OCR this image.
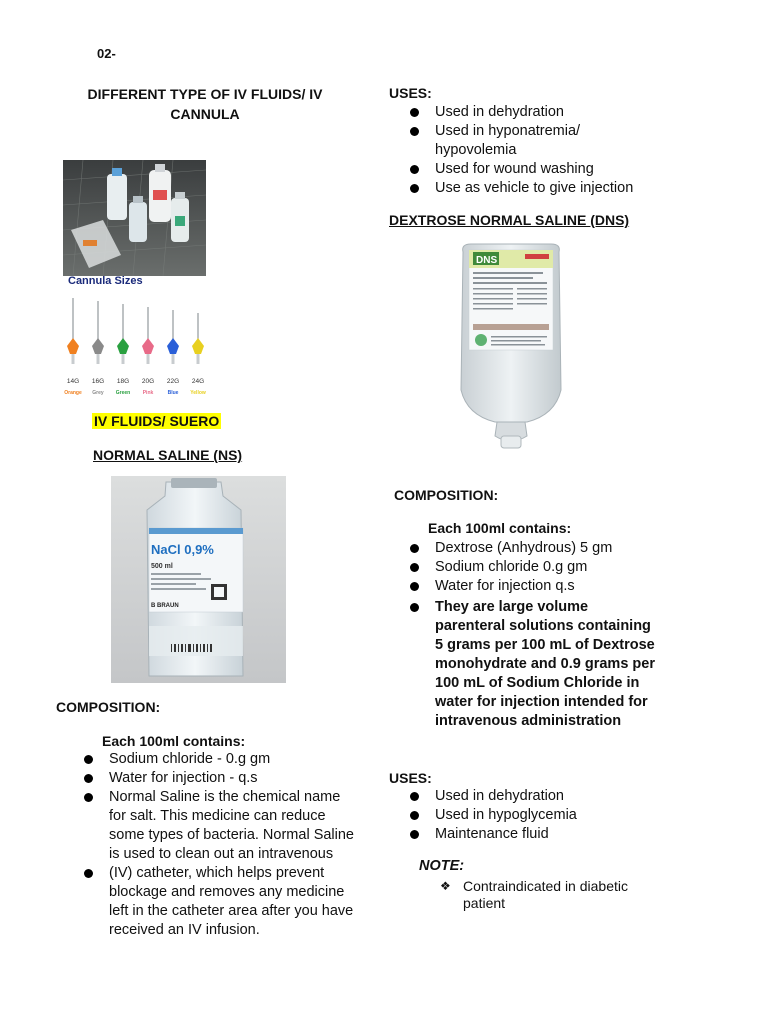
02-
DIFFERENT TYPE OF IV FLUIDS/ IV CANNULA
Cannula Sizes
14G
Orange
16G
Grey
18G
Green
20G
Pink
22G
Blue
24G
Yellow
IV FLUIDS/ SUERO
NORMAL SALINE (NS)
NaCl 0,9%
500 ml
B BRAUN
COMPOSITION:
Each 100ml contains:
Sodium chloride - 0.g gm
Water for injection - q.s
Normal Saline is the chemical name for salt. This medicine can reduce some types of bacteria. Normal Saline is used to clean out an intravenous
(IV) catheter, which helps prevent blockage and removes any medicine left in the catheter area after you have received an IV infusion.
USES:
Used in dehydration
Used in hyponatremia/ hypovolemia
Used for wound washing
Use as vehicle to give injection
DEXTROSE NORMAL SALINE (DNS)
DNS
COMPOSITION:
Each 100ml contains:
Dextrose (Anhydrous) 5 gm
Sodium chloride 0.g gm
Water for injection q.s
They are large volume parenteral solutions containing 5 grams per 100 mL of Dextrose monohydrate and 0.9 grams per 100 mL of Sodium Chloride in water for injection intended for intravenous administration
USES:
Used in dehydration
Used in hypoglycemia
Maintenance fluid
NOTE:
❖ Contraindicated in diabetic patient
